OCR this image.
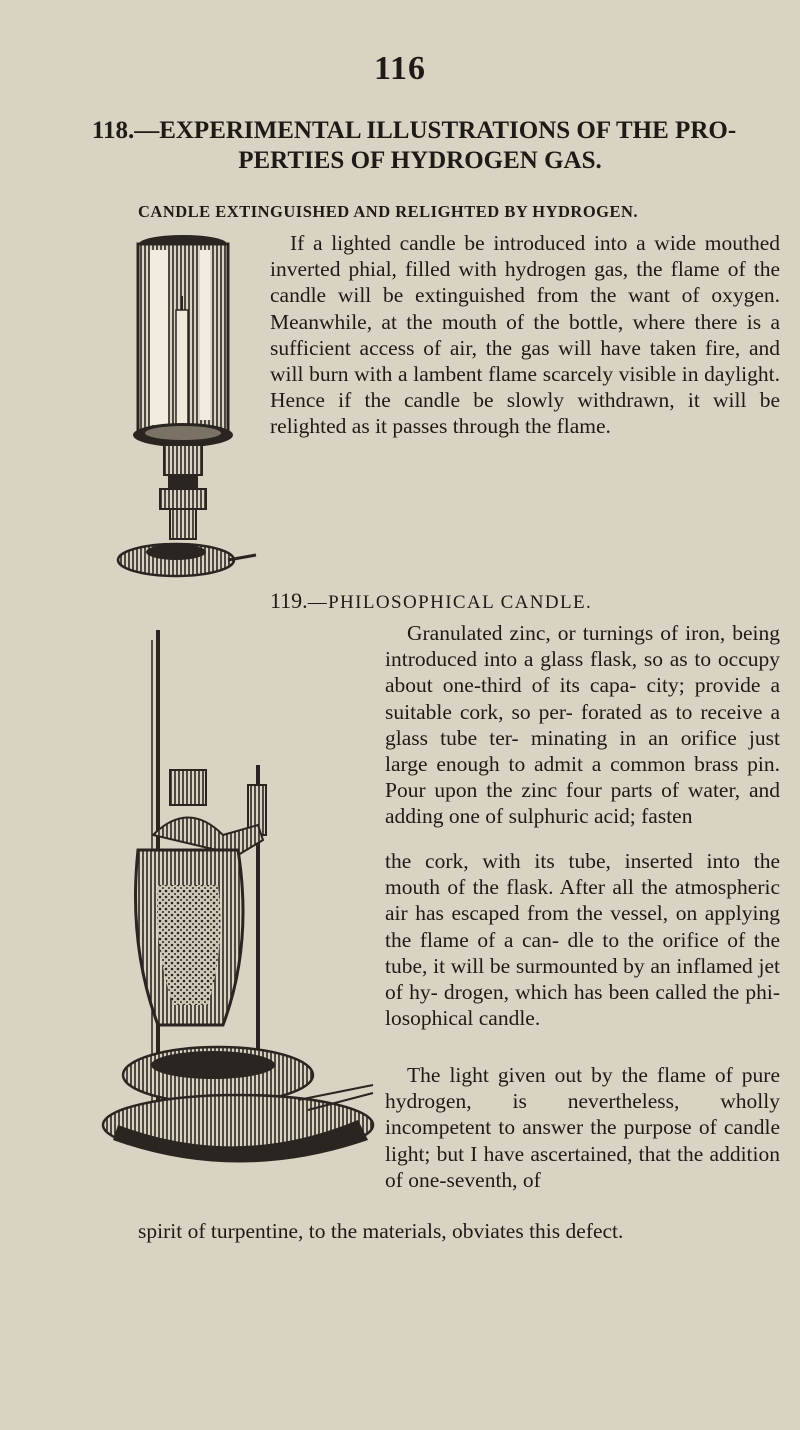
116
118.—EXPERIMENTAL ILLUSTRATIONS OF THE PRO- PERTIES OF HYDROGEN GAS.
CANDLE EXTINGUISHED AND RELIGHTED BY HYDROGEN.
If a lighted candle be introduced into a wide mouthed inverted phial, filled with hydrogen gas, the flame of the candle will be extinguished from the want of oxygen. Meanwhile, at the mouth of the bottle, where there is a sufficient access of air, the gas will have taken fire, and will burn with a lambent flame scarcely visible in daylight. Hence if the candle be slowly withdrawn, it will be relighted as it passes through the flame.
119.—PHILOSOPHICAL CANDLE.
Granulated zinc, or turnings of iron, being introduced into a glass flask, so as to occupy about one-third of its capa- city; provide a suitable cork, so per- forated as to receive a glass tube ter- minating in an orifice just large enough to admit a common brass pin. Pour upon the zinc four parts of water, and adding one of sulphuric acid; fasten
the cork, with its tube, inserted into the mouth of the flask. After all the atmospheric air has escaped from the vessel, on applying the flame of a can- dle to the orifice of the tube, it will be surmounted by an inflamed jet of hy- drogen, which has been called the phi- losophical candle.
The light given out by the flame of pure hydrogen, is nevertheless, wholly incompetent to answer the purpose of candle light; but I have ascertained, that the addition of one-seventh, of
spirit of turpentine, to the materials, obviates this defect.
